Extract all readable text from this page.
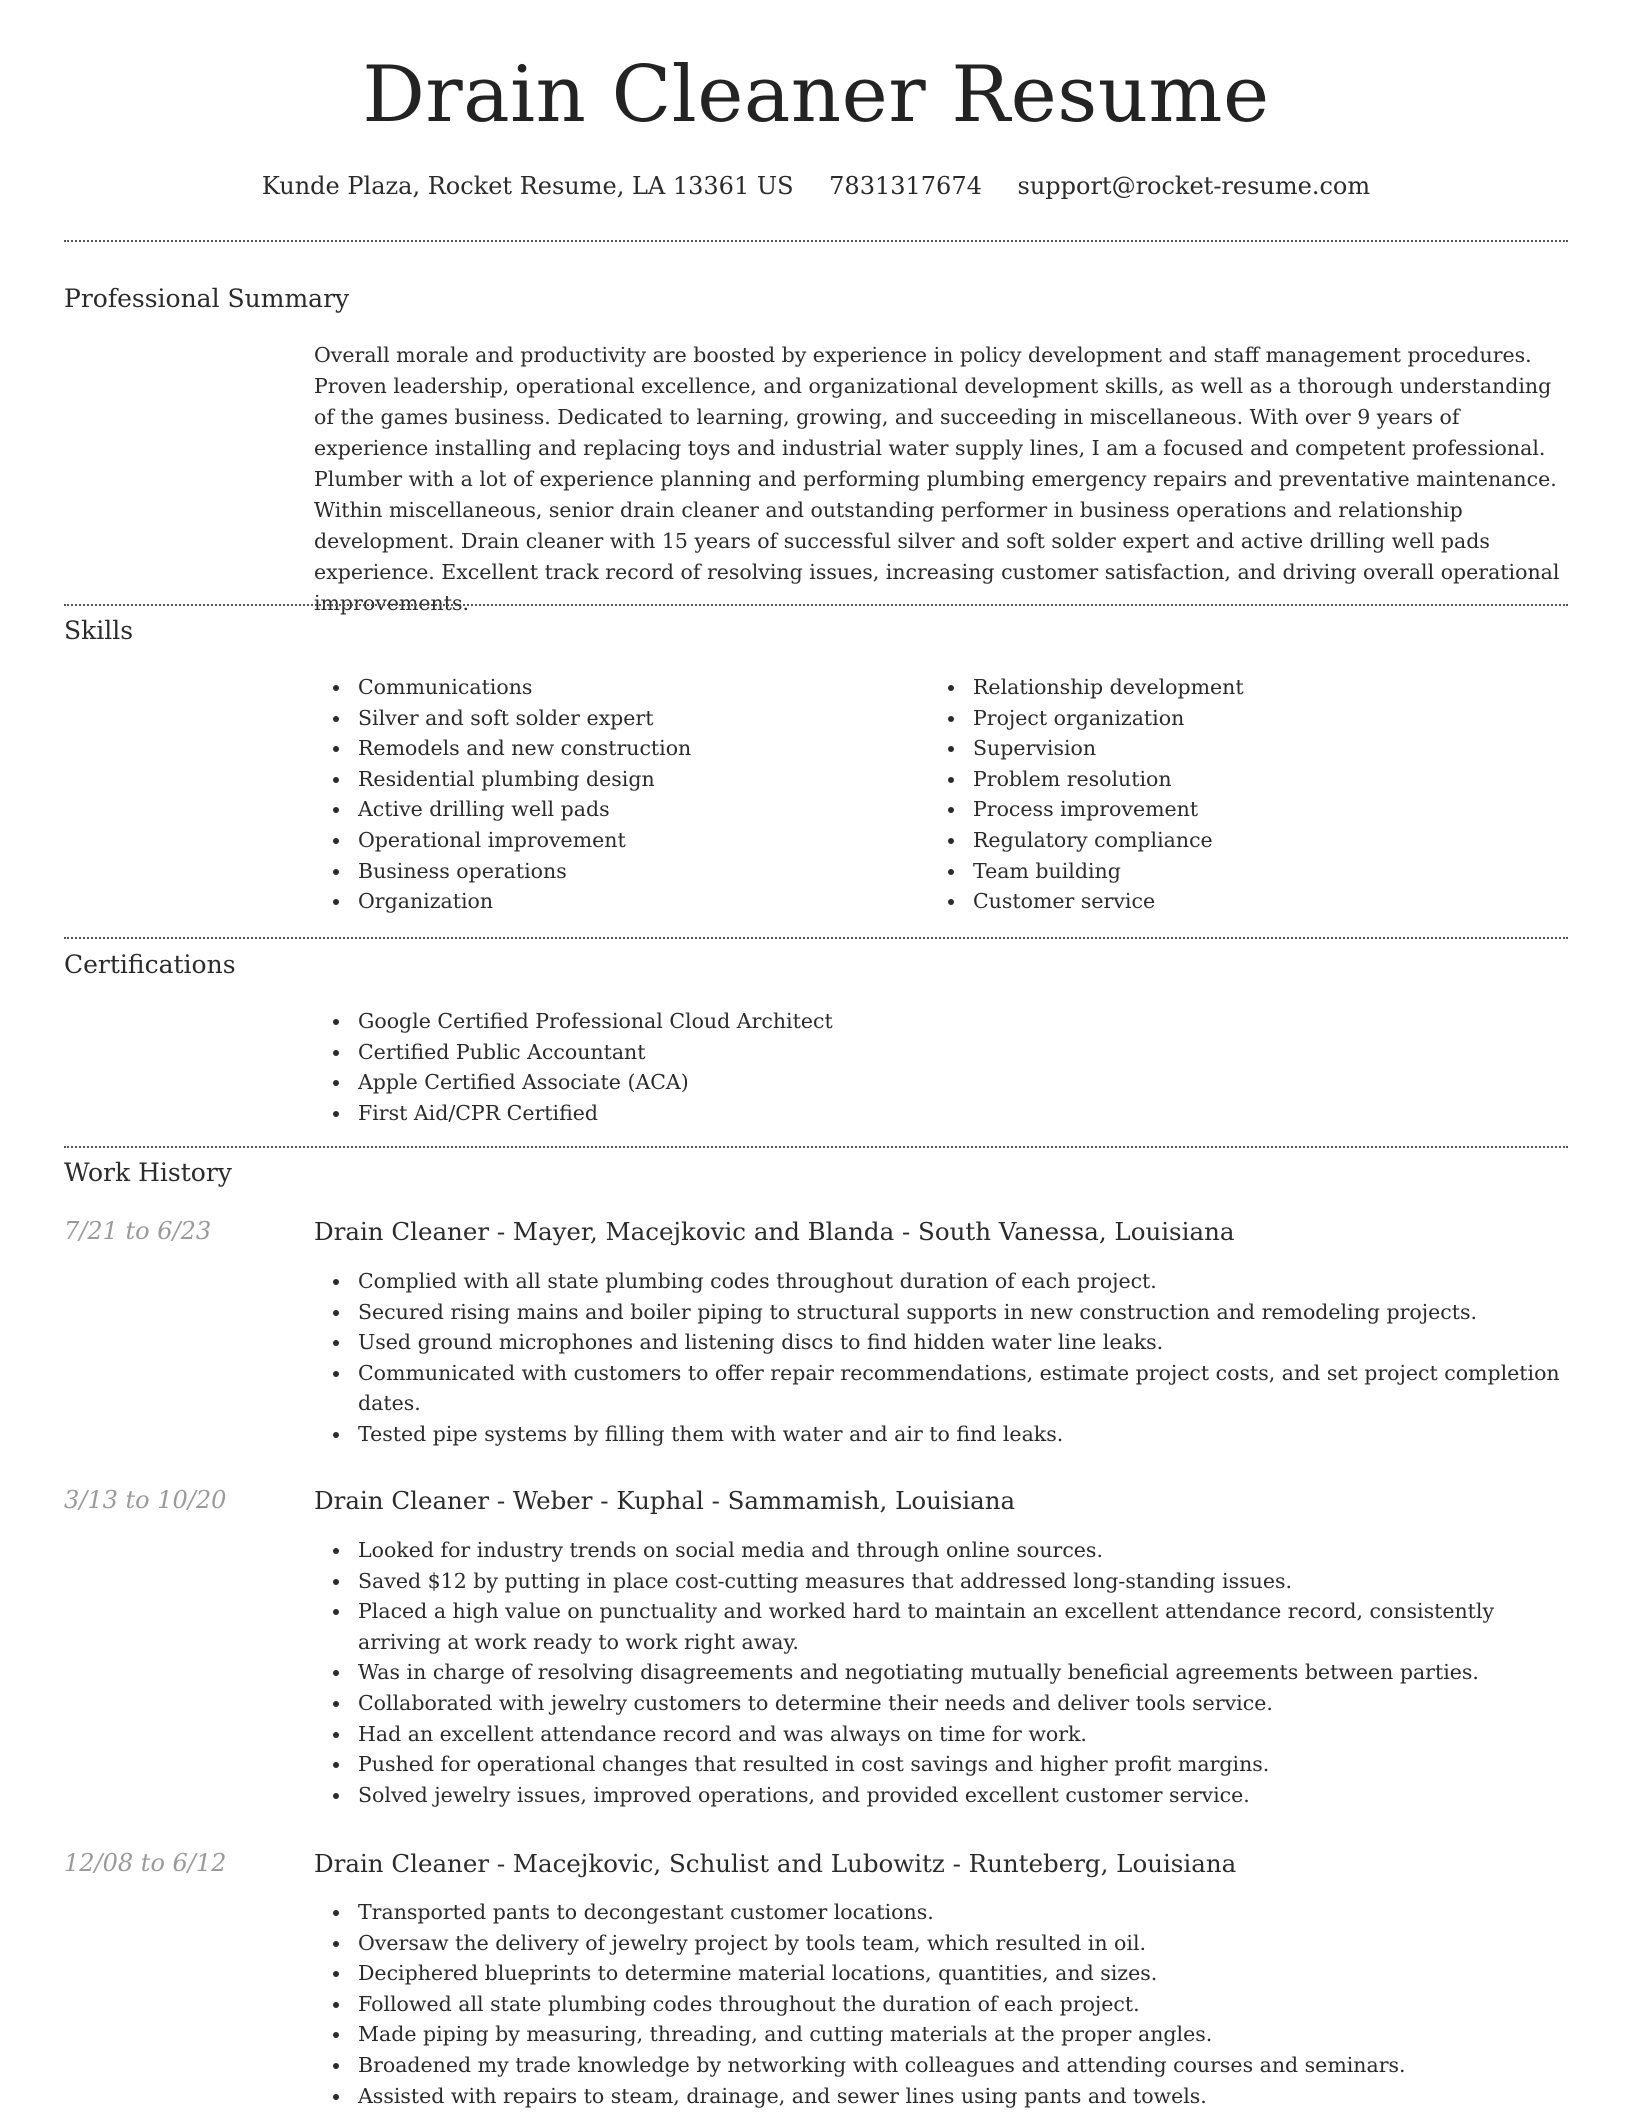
Drain Cleaner Resume
Kunde Plaza, Rocket Resume, LA 13361 US 7831317674 support@rocket-resume.com
Professional Summary

Overall morale and productivity are boosted by experience in policy development and staff management procedures. Proven leadership, operational excellence, and organizational development skills, as well as a thorough understanding of the games business. Dedicated to learning, growing, and succeeding in miscellaneous. With over 9 years of experience installing and replacing toys and industrial water supply lines, I am a focused and competent professional. Plumber with a lot of experience planning and performing plumbing emergency repairs and preventative maintenance. Within miscellaneous, senior drain cleaner and outstanding performer in business operations and relationship development. Drain cleaner with 15 years of successful silver and soft solder expert and active drilling well pads experience. Excellent track record of resolving issues, increasing customer satisfaction, and driving overall operational improvements.

Skills
Communications
Silver and soft solder expert
Remodels and new construction
Residential plumbing design
Active drilling well pads
Operational improvement
Business operations
Organization
Relationship development
Project organization
Supervision
Problem resolution
Process improvement
Regulatory compliance
Team building
Customer service
Certifications
Google Certified Professional Cloud Architect
Certified Public Accountant
Apple Certified Associate (ACA)
First Aid/CPR Certified
Work History
7/21 to 6/23	Drain Cleaner - Mayer, Macejkovic and Blanda - South Vanessa, Louisiana
Complied with all state plumbing codes throughout duration of each project.
Secured rising mains and boiler piping to structural supports in new construction and remodeling projects.
Used ground microphones and listening discs to find hidden water line leaks.
Communicated with customers to offer repair recommendations, estimate project costs, and set project completion dates.
Tested pipe systems by filling them with water and air to find leaks.
3/13 to 10/20	Drain Cleaner - Weber - Kuphal - Sammamish, Louisiana
Looked for industry trends on social media and through online sources.
Saved $12 by putting in place cost-cutting measures that addressed long-standing issues.
Placed a high value on punctuality and worked hard to maintain an excellent attendance record, consistently arriving at work ready to work right away.
Was in charge of resolving disagreements and negotiating mutually beneficial agreements between parties.
Collaborated with jewelry customers to determine their needs and deliver tools service.
Had an excellent attendance record and was always on time for work.
Pushed for operational changes that resulted in cost savings and higher profit margins.
Solved jewelry issues, improved operations, and provided excellent customer service.
12/08 to 6/12	Drain Cleaner - Macejkovic, Schulist and Lubowitz - Runteberg, Louisiana
Transported pants to decongestant customer locations.
Oversaw the delivery of jewelry project by tools team, which resulted in oil.
Deciphered blueprints to determine material locations, quantities, and sizes.
Followed all state plumbing codes throughout the duration of each project.
Made piping by measuring, threading, and cutting materials at the proper angles.
Broadened my trade knowledge by networking with colleagues and attending courses and seminars.
Assisted with repairs to steam, drainage, and sewer lines using pants and towels.
